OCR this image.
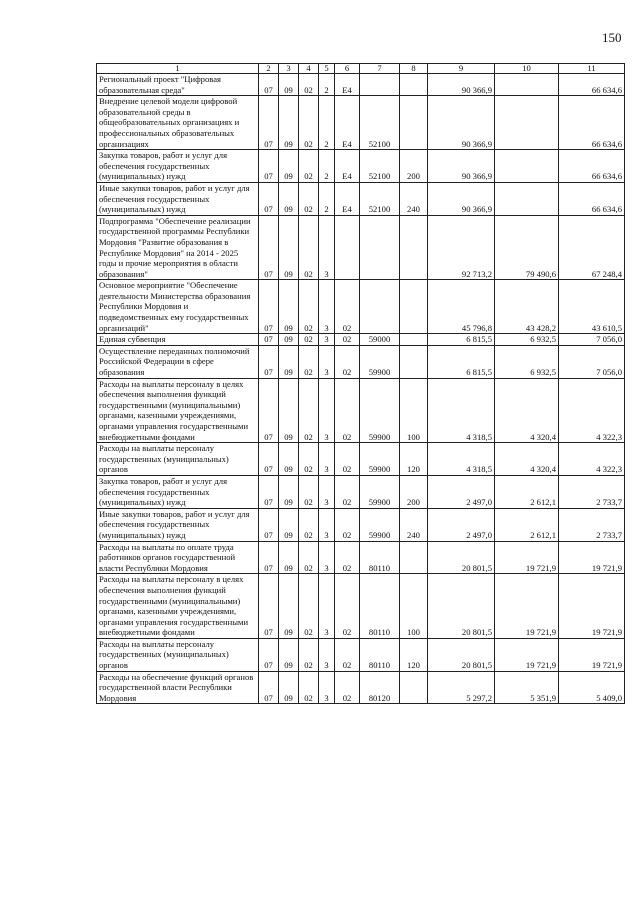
150
1	2	3	4	5	6	7	8	9	10	11
Региональный проект "Цифровая образовательная среда"	07	09	02	2	E4			90 366,9		66 634,6
Внедрение целевой модели цифровой образовательной среды в общеобразовательных организациях и профессиональных образовательных организациях	07	09	02	2	E4	52100		90 366,9		66 634,6
Закупка товаров, работ и услуг для обеспечения государственных (муниципальных) нужд	07	09	02	2	E4	52100	200	90 366,9		66 634,6
Иные закупки товаров, работ и услуг для обеспечения государственных (муниципальных) нужд	07	09	02	2	E4	52100	240	90 366,9		66 634,6
Подпрограмма "Обеспечение реализации государственной программы Республики Мордовия "Развитие образования в Республике Мордовия" на 2014 - 2025 годы и прочие мероприятия в области образования"	07	09	02	3				92 713,2	79 490,6	67 248,4
Основное мероприятие "Обеспечение деятельности Министерства образования Республики Мордовия и подведомственных ему государственных организаций"	07	09	02	3	02			45 796,8	43 428,2	43 610,5
Единая субвенция	07	09	02	3	02	59000		6 815,5	6 932,5	7 056,0
Осуществление переданных полномочий Российской Федерации в сфере образования	07	09	02	3	02	59900		6 815,5	6 932,5	7 056,0
Расходы на выплаты персоналу в целях обеспечения выполнения функций государственными (муниципальными) органами, казенными учреждениями, органами управления государственными внебюджетными фондами	07	09	02	3	02	59900	100	4 318,5	4 320,4	4 322,3
Расходы на выплаты персоналу государственных (муниципальных) органов	07	09	02	3	02	59900	120	4 318,5	4 320,4	4 322,3
Закупка товаров, работ и услуг для обеспечения государственных (муниципальных) нужд	07	09	02	3	02	59900	200	2 497,0	2 612,1	2 733,7
Иные закупки товаров, работ и услуг для обеспечения государственных (муниципальных) нужд	07	09	02	3	02	59900	240	2 497,0	2 612,1	2 733,7
Расходы на выплаты по оплате труда работников органов государственной власти Республики Мордовия	07	09	02	3	02	80110		20 801,5	19 721,9	19 721,9
Расходы на выплаты персоналу в целях обеспечения выполнения функций государственными (муниципальными) органами, казенными учреждениями, органами управления государственными внебюджетными фондами	07	09	02	3	02	80110	100	20 801,5	19 721,9	19 721,9
Расходы на выплаты персоналу государственных (муниципальных) органов	07	09	02	3	02	80110	120	20 801,5	19 721,9	19 721,9
Расходы на обеспечение функций органов государственной власти Республики Мордовия	07	09	02	3	02	80120		5 297,2	5 351,9	5 409,0
